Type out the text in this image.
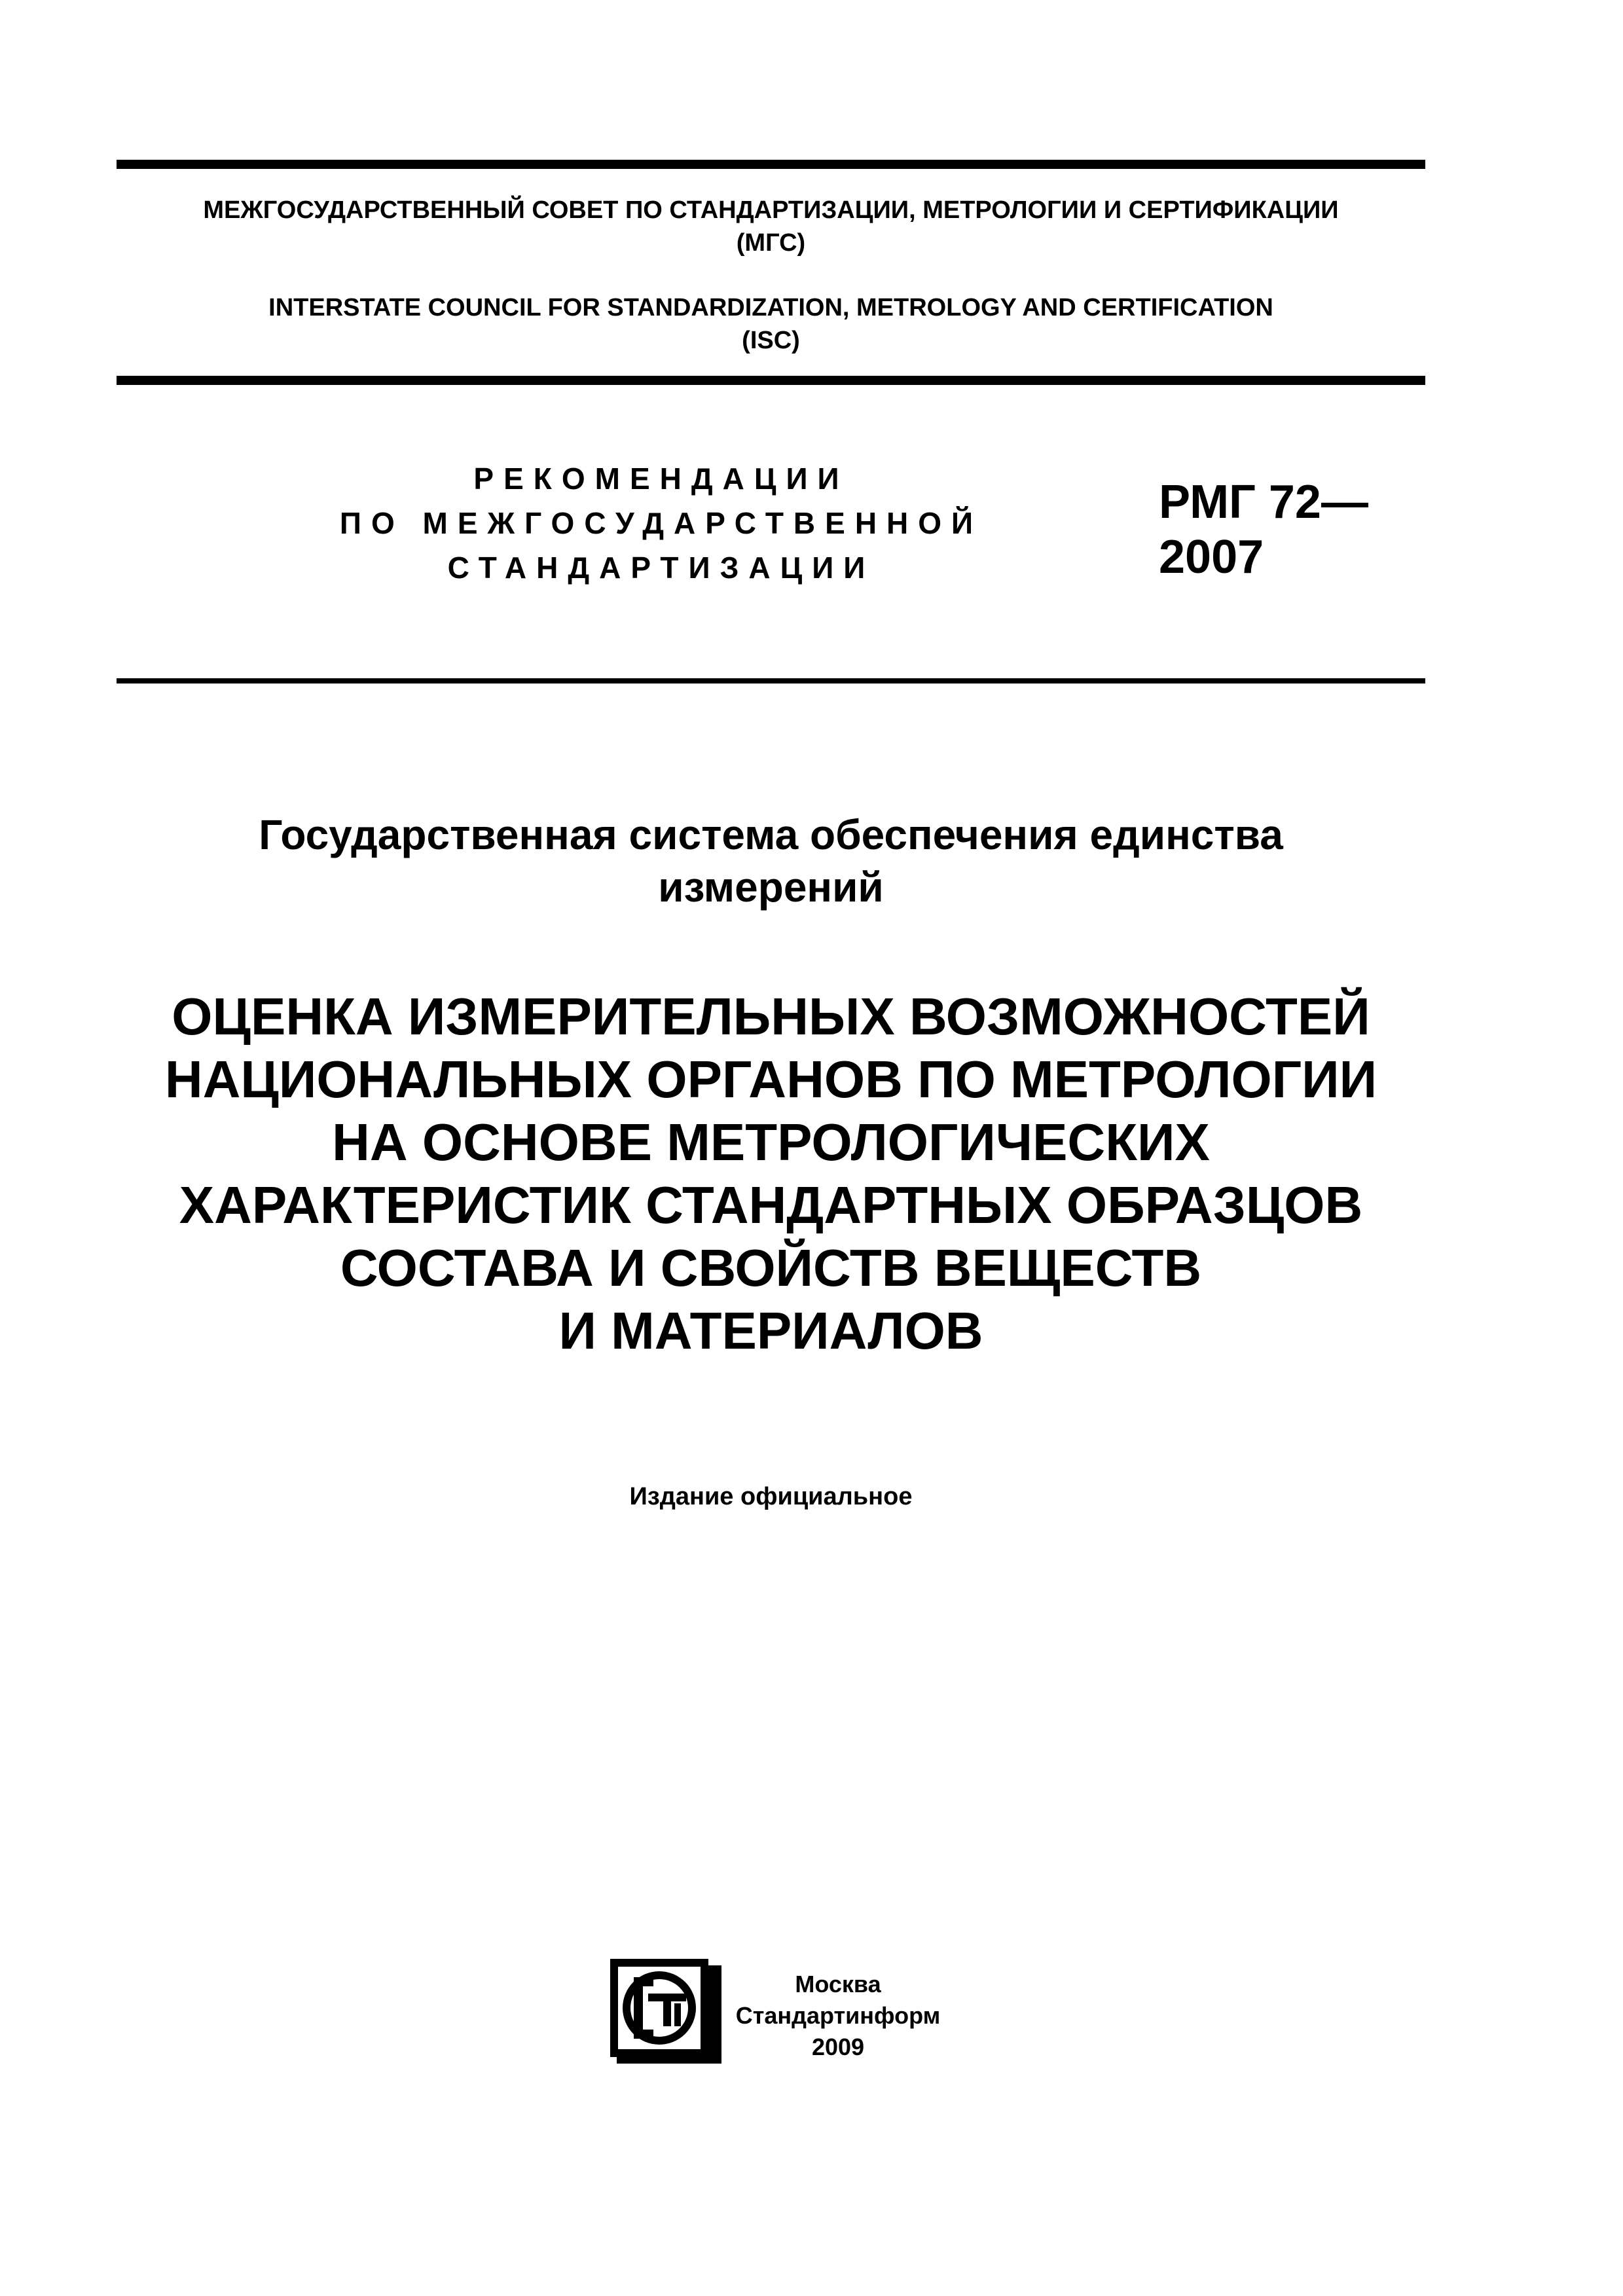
МЕЖГОСУДАРСТВЕННЫЙ СОВЕТ ПО СТАНДАРТИЗАЦИИ, МЕТРОЛОГИИ И СЕРТИФИКАЦИИ
(МГС)

INTERSTATE COUNCIL FOR STANDARDIZATION, METROLOGY AND CERTIFICATION
(ISC)

РЕКОМЕНДАЦИИ
ПО МЕЖГОСУДАРСТВЕННОЙ
СТАНДАРТИЗАЦИИ
РМГ 72—
2007
Государственная система обеспечения единства
измерений
ОЦЕНКА ИЗМЕРИТЕЛЬНЫХ ВОЗМОЖНОСТЕЙ
НАЦИОНАЛЬНЫХ ОРГАНОВ ПО МЕТРОЛОГИИ
НА ОСНОВЕ МЕТРОЛОГИЧЕСКИХ
ХАРАКТЕРИСТИК СТАНДАРТНЫХ ОБРАЗЦОВ
СОСТАВА И СВОЙСТВ ВЕЩЕСТВ
И МАТЕРИАЛОВ
Издание официальное
Москва
Стандартинформ
2009
